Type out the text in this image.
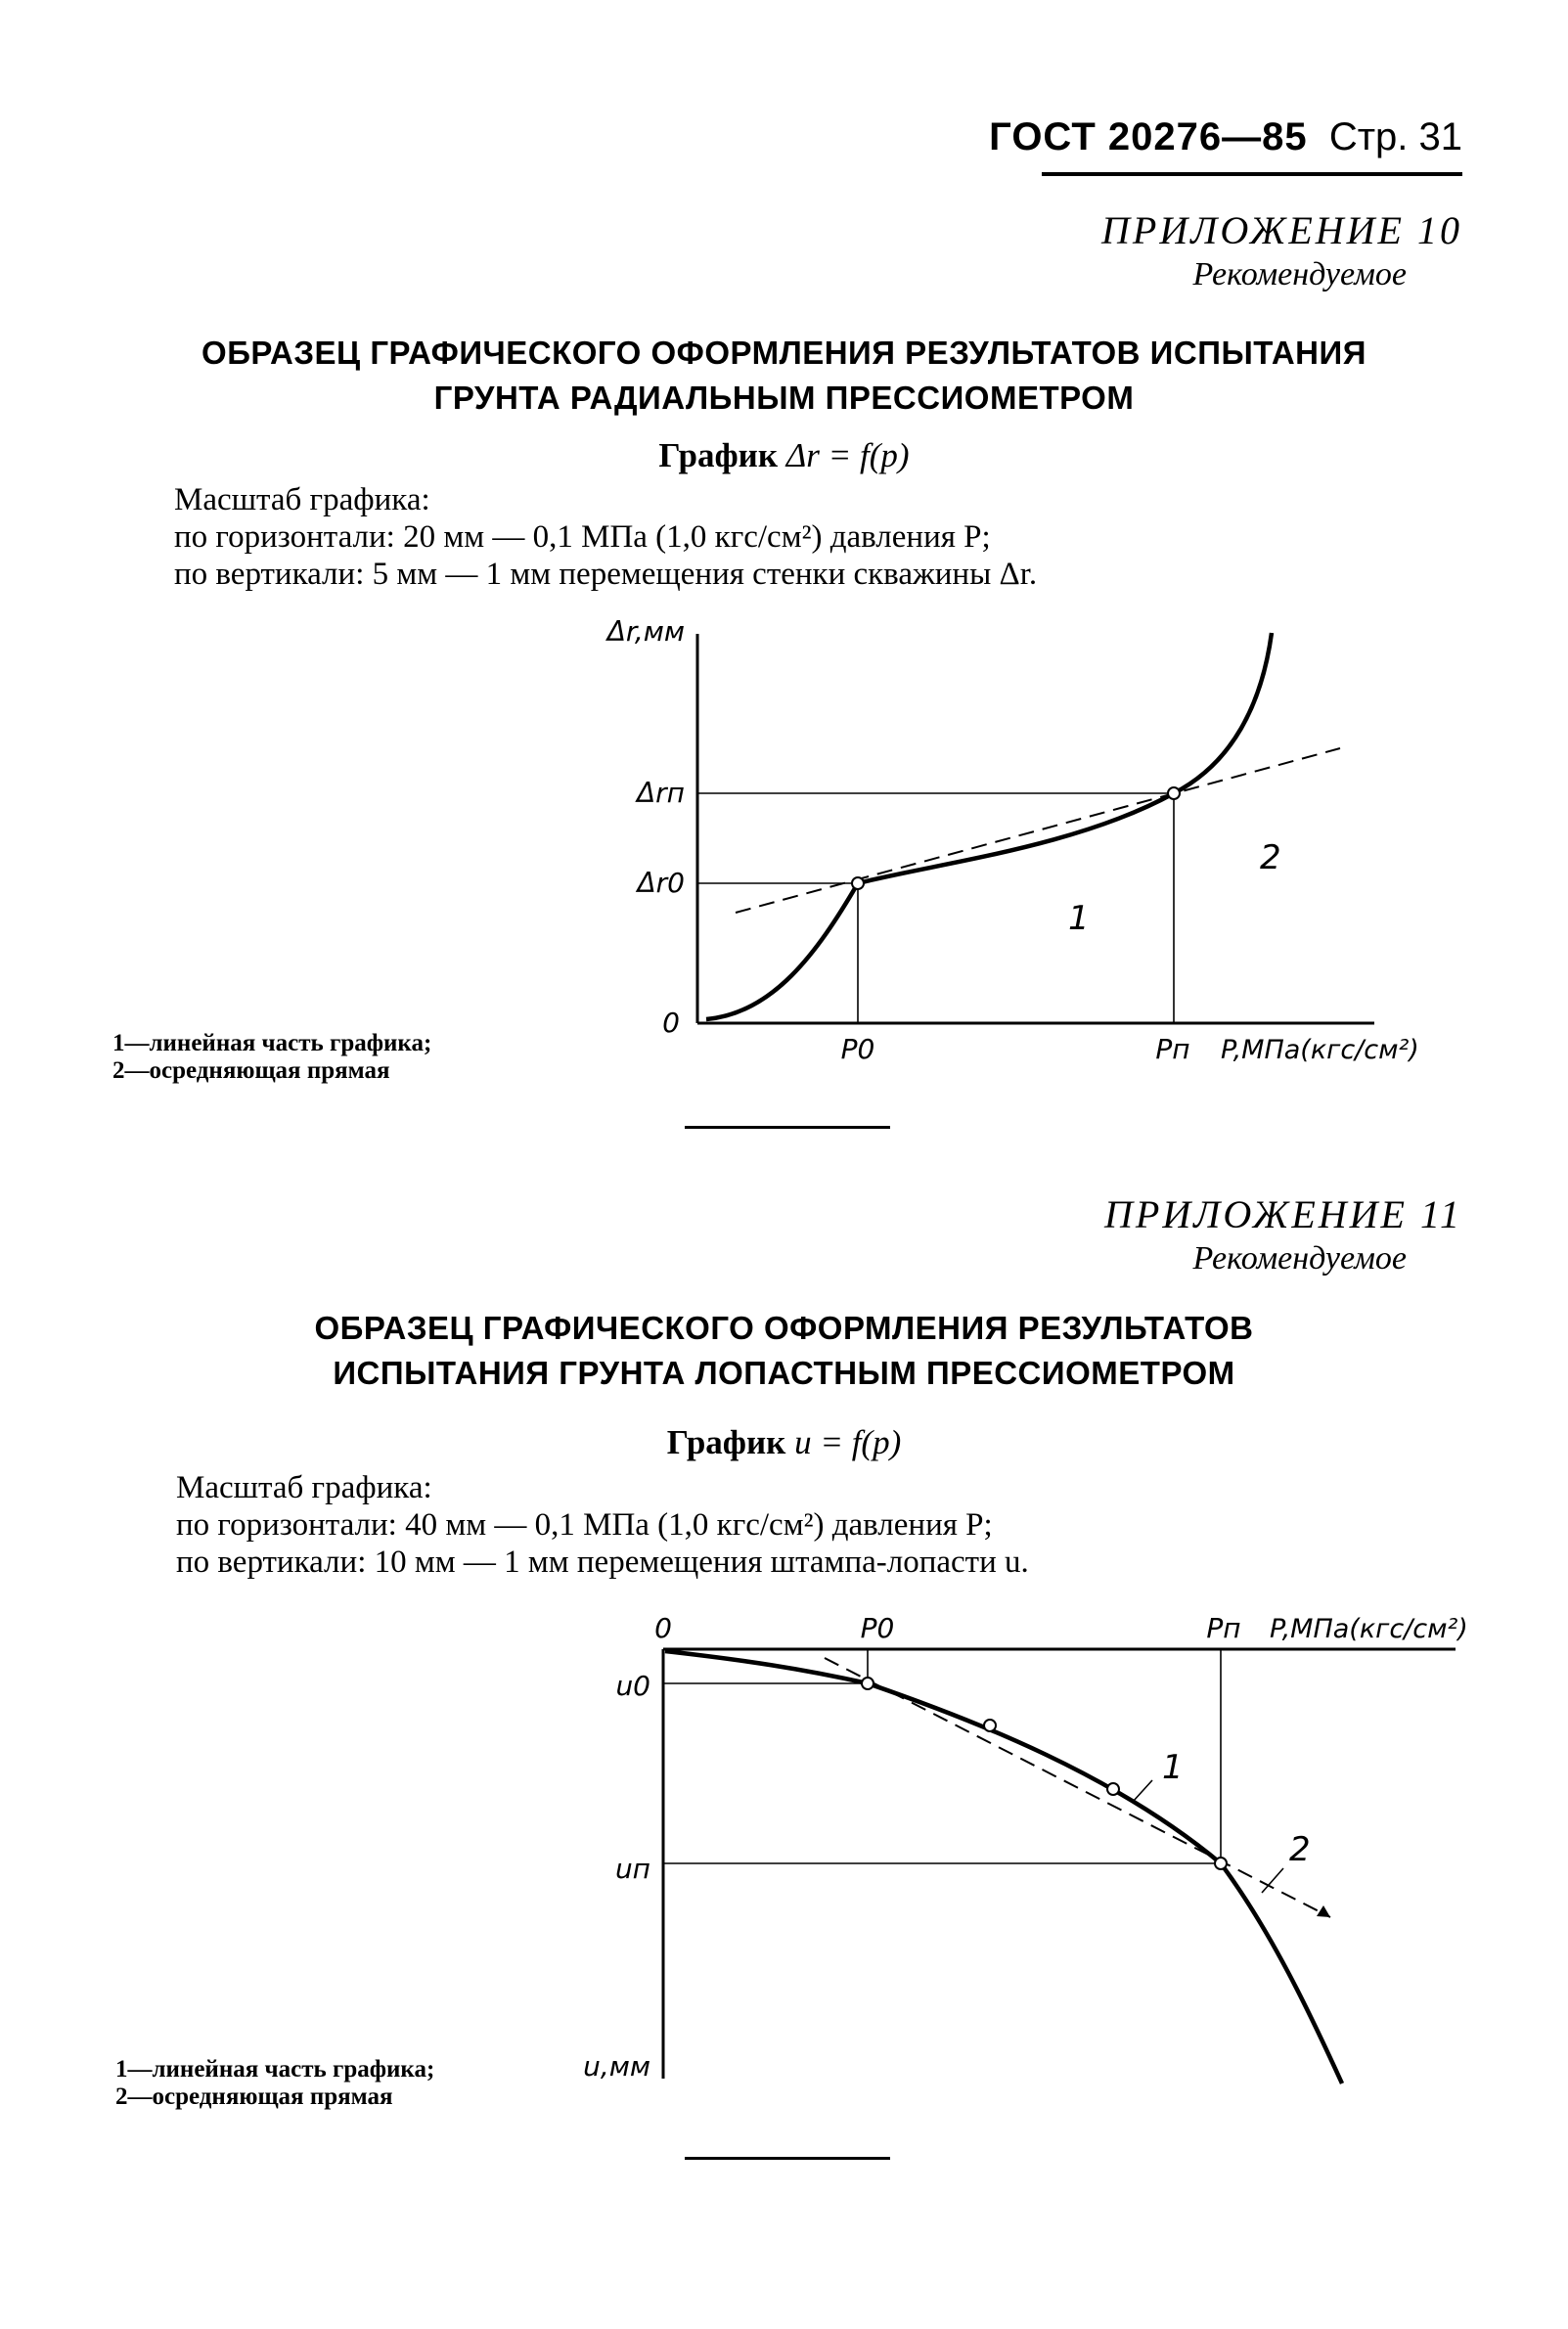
ГОСТ 20276—85 Стр. 31
ПРИЛОЖЕНИЕ 10
Рекомендуемое
ОБРАЗЕЦ ГРАФИЧЕСКОГО ОФОРМЛЕНИЯ РЕЗУЛЬТАТОВ ИСПЫТАНИЯ
ГРУНТА РАДИАЛЬНЫМ ПРЕССИОМЕТРОМ
График Δr = f(p)
Масштаб графика:
по горизонтали: 20 мм — 0,1 МПа (1,0 кгс/см²) давления P;
по вертикали: 5 мм — 1 мм перемещения стенки скважины Δr.
Δr,мм
Δrп
Δr0
0
P0	Pп P,МПа(кгс/см²)
1
2
1—линейная часть графика;
2—осредняющая прямая
ПРИЛОЖЕНИЕ 11
Рекомендуемое
ОБРАЗЕЦ ГРАФИЧЕСКОГО ОФОРМЛЕНИЯ РЕЗУЛЬТАТОВ
ИСПЫТАНИЯ ГРУНТА ЛОПАСТНЫМ ПРЕССИОМЕТРОМ
График u = f(p)
Масштаб графика:
по горизонтали: 40 мм — 0,1 МПа (1,0 кгс/см²) давления P;
по вертикали: 10 мм — 1 мм перемещения штампа-лопасти u.
0	P0	Pп P,МПа(кгс/см²)
u0
uп
u,мм
1
2
1—линейная часть графика;
2—осредняющая прямая
